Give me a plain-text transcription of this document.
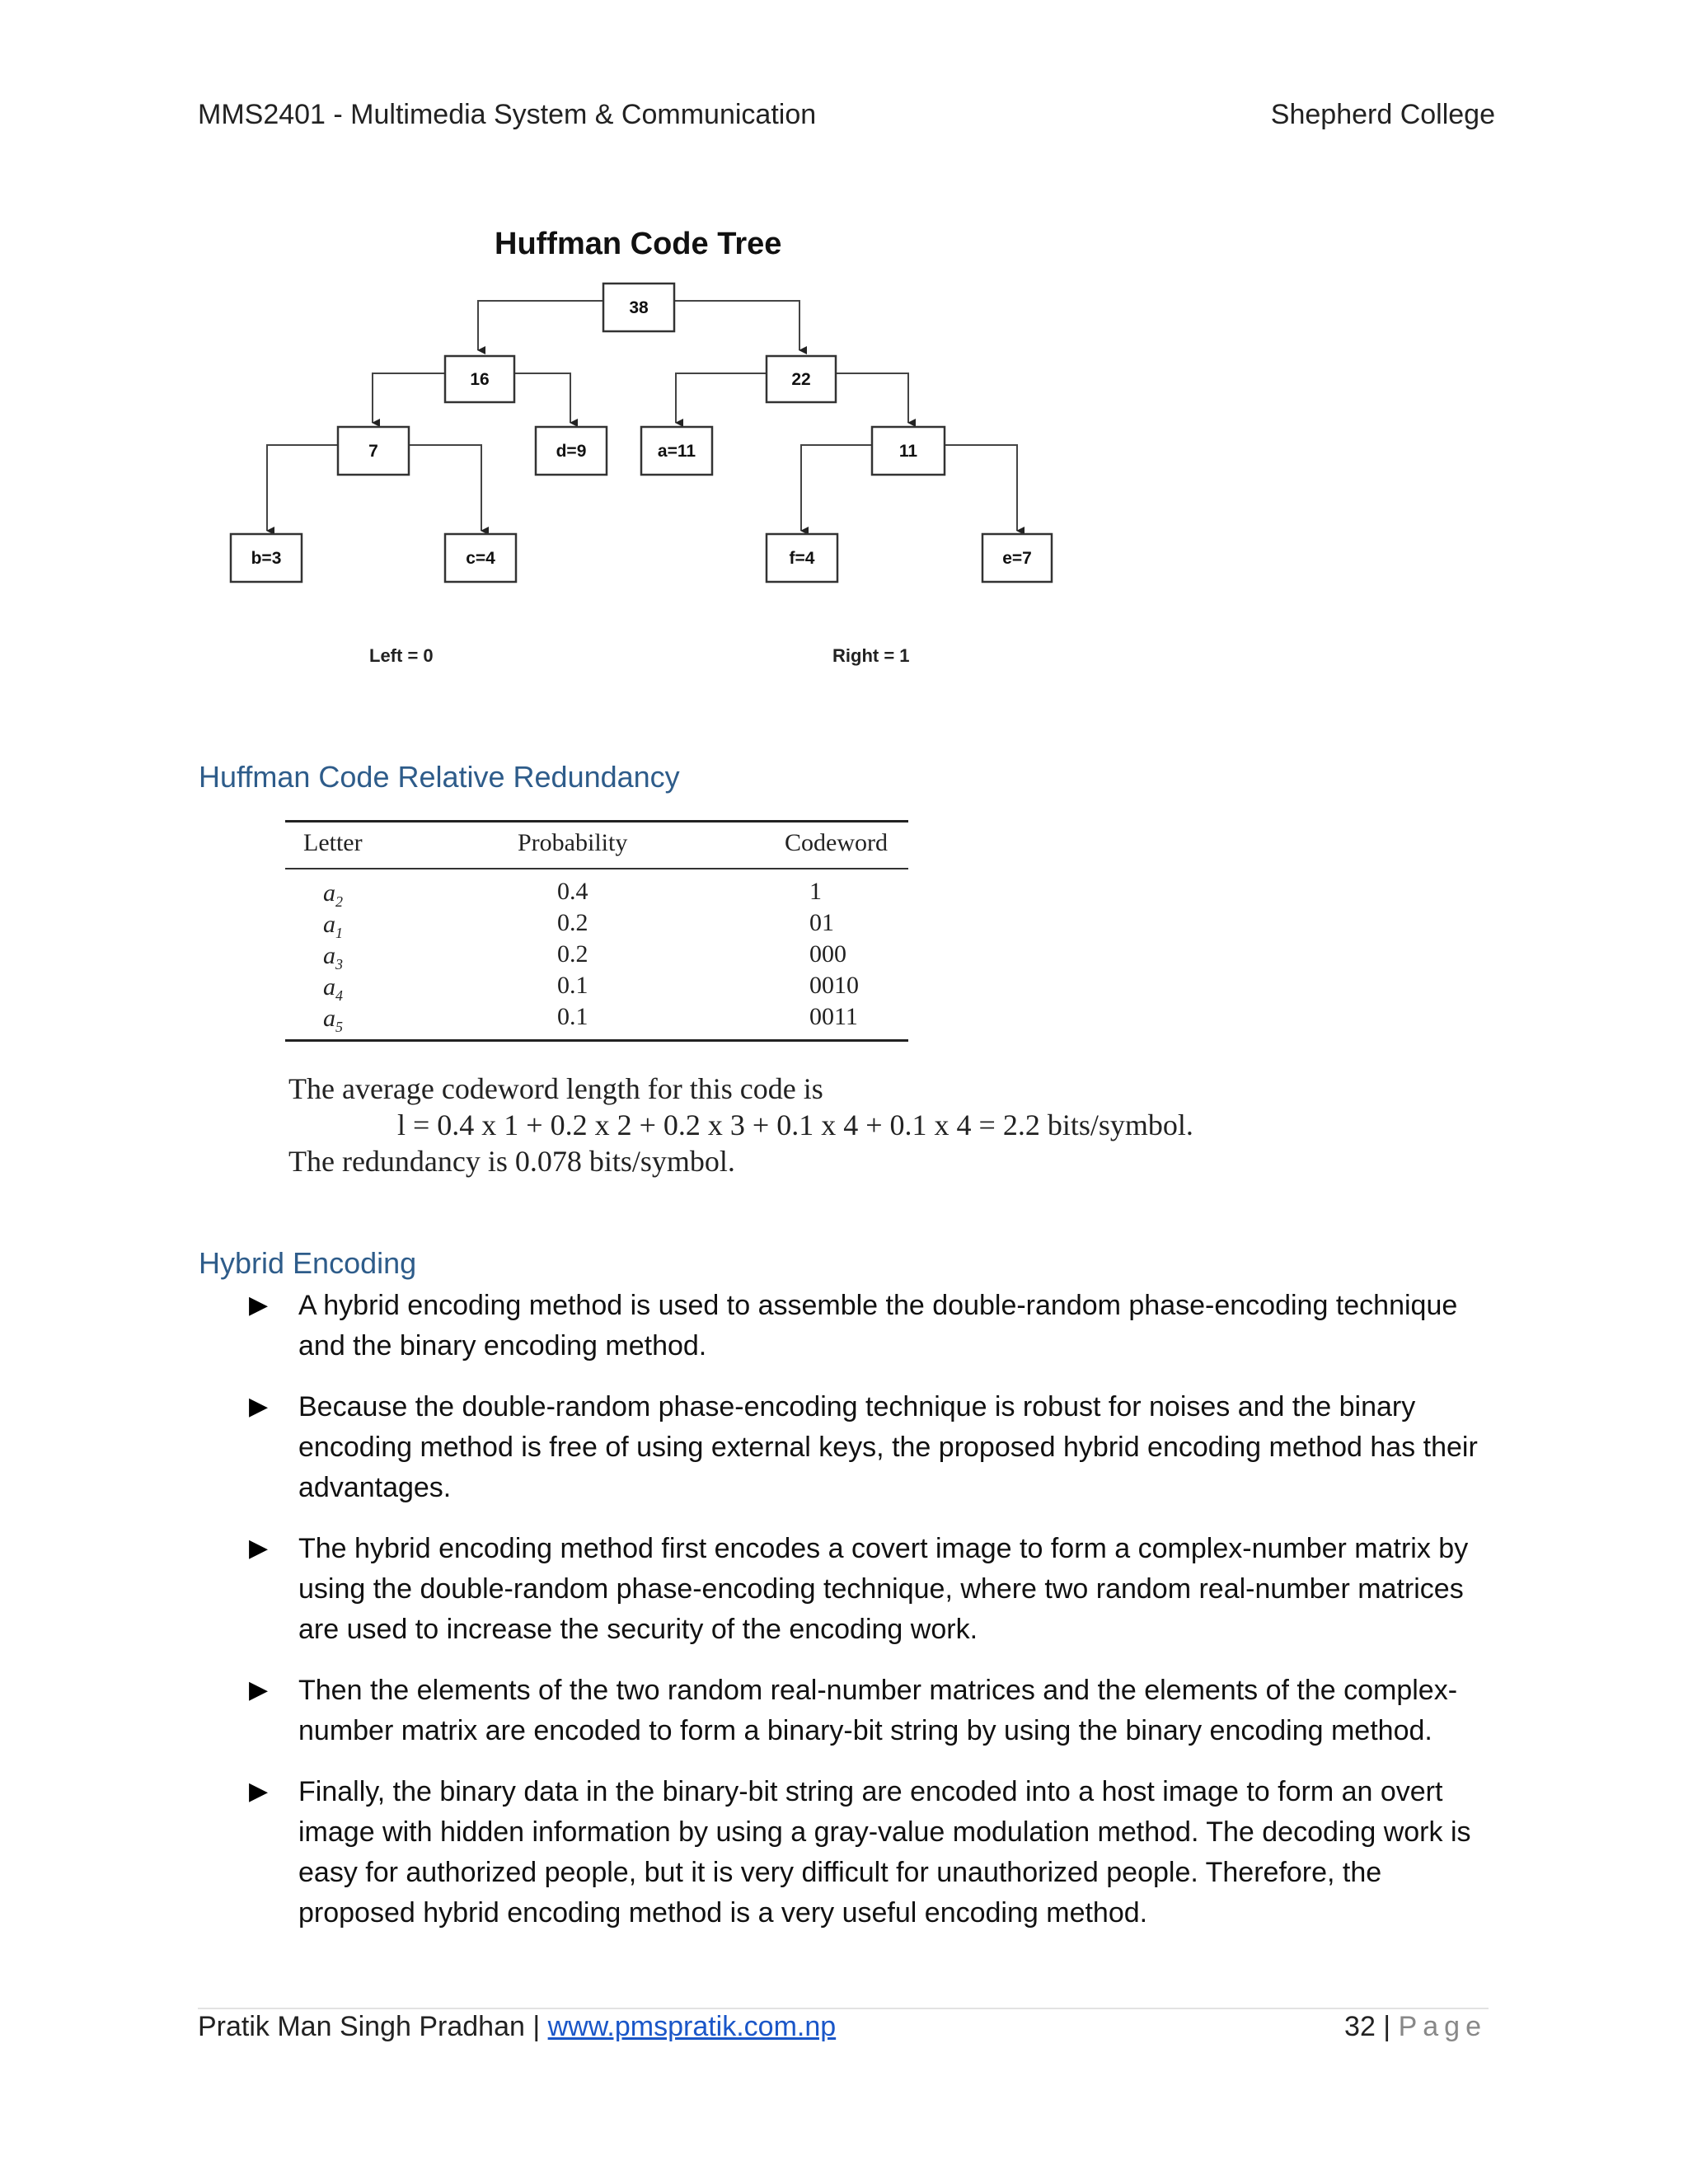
MMS2401 - Multimedia System & Communication	Shepherd College
Huffman Code Tree
38
16	22
7	d=9	a=11	11
b=3	c=4	f=4	e=7
Left = 0	Right = 1
Huffman Code Relative Redundancy
Letter	Probability	Codeword
$a_2$	0.4	1
$a_1$	0.2	01
$a_3$	0.2	000
$a_4$	0.1	0010
$a_5$	0.1	0011
The average codeword length for this code is
l = 0.4 x 1 + 0.2 x 2 + 0.2 x 3 + 0.1 x 4 + 0.1 x 4 = 2.2 bits/symbol.
The redundancy is 0.078 bits/symbol.
Hybrid Encoding
▶ A hybrid encoding method is used to assemble the double-random phase-encoding technique and the binary encoding method.
▶ Because the double-random phase-encoding technique is robust for noises and the binary encoding method is free of using external keys, the proposed hybrid encoding method has their advantages.
▶ The hybrid encoding method first encodes a covert image to form a complex-number matrix by using the double-random phase-encoding technique, where two random real-number matrices are used to increase the security of the encoding work.
▶ Then the elements of the two random real-number matrices and the elements of the complex-number matrix are encoded to form a binary-bit string by using the binary encoding method.
▶ Finally, the binary data in the binary-bit string are encoded into a host image to form an overt image with hidden information by using a gray-value modulation method. The decoding work is easy for authorized people, but it is very difficult for unauthorized people. Therefore, the proposed hybrid encoding method is a very useful encoding method.
Pratik Man Singh Pradhan | www.pmspratik.com.np	32 | Page
